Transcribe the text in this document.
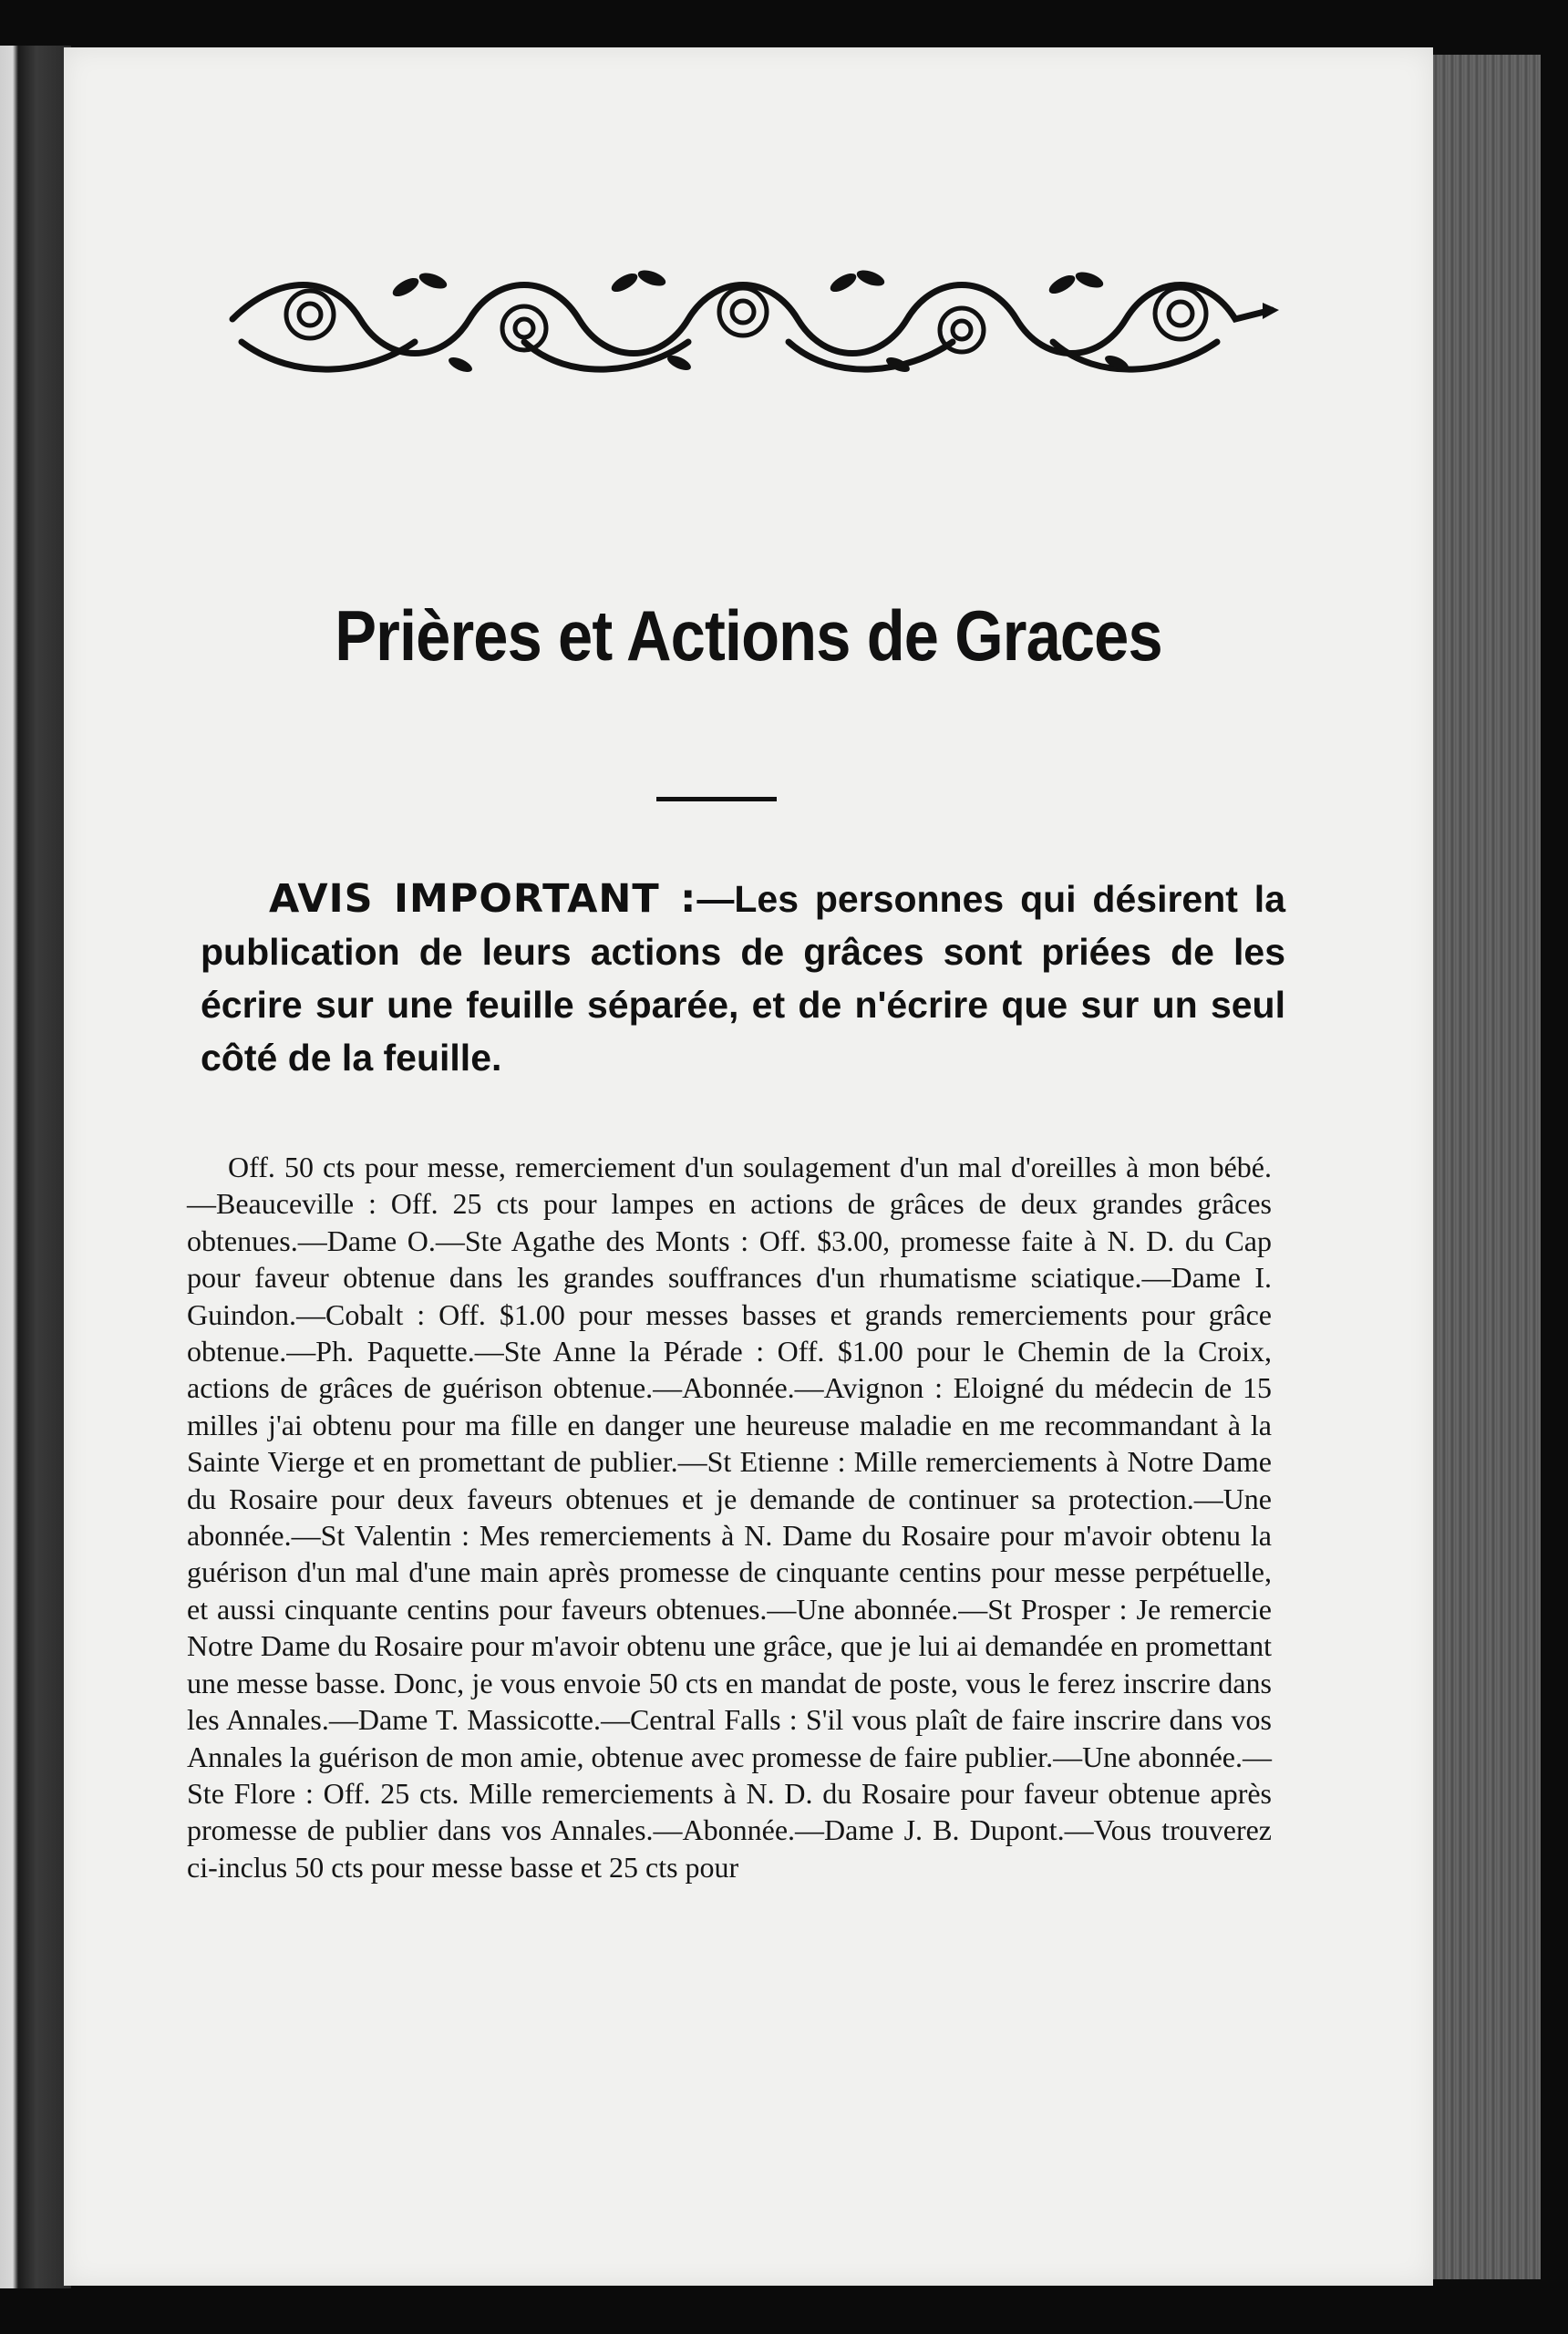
Prières et Actions de Graces

AVIS IMPORTANT :—Les personnes qui désirent la publication de leurs actions de grâces sont priées de les écrire sur une feuille séparée, et de n'écrire que sur un seul côté de la feuille.

Off. 50 cts pour messe, remerciement d'un soulagement d'un mal d'oreilles à mon bébé.—Beauceville : Off. 25 cts pour lampes en actions de grâces de deux grandes grâces obtenues.—Dame O.—Ste Agathe des Monts : Off. $3.00, promesse faite à N. D. du Cap pour faveur obtenue dans les grandes souffrances d'un rhumatisme sciatique.—Dame I. Guindon.—Cobalt : Off. $1.00 pour messes basses et grands remerciements pour grâce obtenue.—Ph. Paquette.—Ste Anne la Pérade : Off. $1.00 pour le Chemin de la Croix, actions de grâces de guérison obtenue.—Abonnée.—Avignon : Eloigné du médecin de 15 milles j'ai obtenu pour ma fille en danger une heureuse maladie en me recommandant à la Sainte Vierge et en promettant de publier.—St Etienne : Mille remerciements à Notre Dame du Rosaire pour deux faveurs obtenues et je demande de continuer sa protection.—Une abonnée.—St Valentin : Mes remerciements à N. Dame du Rosaire pour m'avoir obtenu la guérison d'un mal d'une main après promesse de cinquante centins pour messe perpétuelle, et aussi cinquante centins pour faveurs obtenues.—Une abonnée.—St Prosper : Je remercie Notre Dame du Rosaire pour m'avoir obtenu une grâce, que je lui ai demandée en promettant une messe basse. Donc, je vous envoie 50 cts en mandat de poste, vous le ferez inscrire dans les Annales.—Dame T. Massicotte.—Central Falls : S'il vous plaît de faire inscrire dans vos Annales la guérison de mon amie, obtenue avec promesse de faire publier.—Une abonnée.—Ste Flore : Off. 25 cts. Mille remerciements à N. D. du Rosaire pour faveur obtenue après promesse de publier dans vos Annales.—Abonnée.—Dame J. B. Dupont.—Vous trouverez ci-inclus 50 cts pour messe basse et 25 cts pour
